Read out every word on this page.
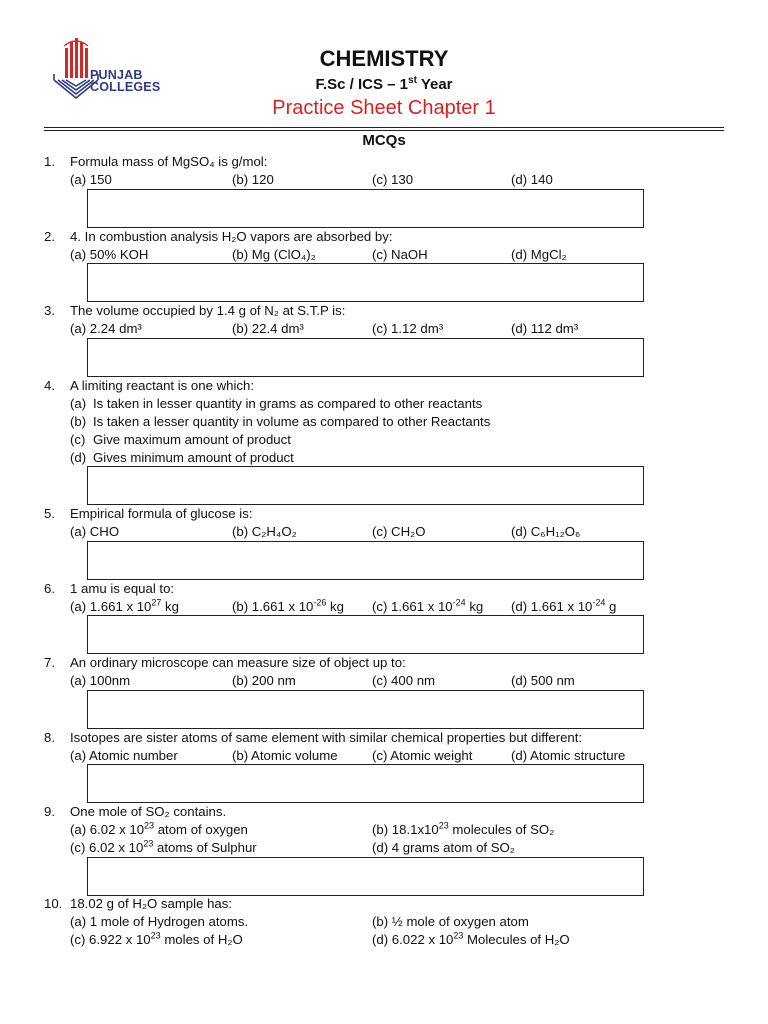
PUNJAB
COLLEGES
CHEMISTRY
F.Sc / ICS – 1st Year
Practice Sheet Chapter 1
MCQs
1. Formula mass of MgSO₄ is g/mol:
(a) 150	(b) 120	(c) 130	(d) 140
2. 4. In combustion analysis H₂O vapors are absorbed by:
(a) 50% KOH	(b) Mg (ClO₄)₂	(c) NaOH	(d) MgCl₂
3. The volume occupied by 1.4 g of N₂ at S.T.P is:
(a) 2.24 dm³	(b) 22.4 dm³	(c) 1.12 dm³	(d) 112 dm³
4. A limiting reactant is one which:
(a) Is taken in lesser quantity in grams as compared to other reactants
(b) Is taken a lesser quantity in volume as compared to other Reactants
(c) Give maximum amount of product
(d) Gives minimum amount of product
5. Empirical formula of glucose is:
(a) CHO	(b) C₂H₄O₂	(c) CH₂O	(d) C₆H₁₂O₆
6. 1 amu is equal to:
(a) 1.661 x $10^{27}$ kg	(b) 1.661 x $10^{-26}$ kg (c) 1.661 x $10^{-24}$ kg (d) 1.661 x $10^{-24}$ g
7. An ordinary microscope can measure size of object up to:
(a) 100nm	(b) 200 nm	(c) 400 nm	(d) 500 nm
8. Isotopes are sister atoms of same element with similar chemical properties but different:
(a) Atomic number	(b) Atomic volume	(c) Atomic weight	(d) Atomic structure
9. One mole of SO₂ contains.
(a) 6.02 x $10^{23}$ atom of oxygen	(b) $18.1x10^{23}$ molecules of SO₂
(c) 6.02 x $10^{23}$ atoms of Sulphur	(d) 4 grams atom of SO₂
10. 18.02 g of H₂O sample has:
(a) 1 mole of Hydrogen atoms.	(b) ½ mole of oxygen atom
(c) 6.922 x $10^{23}$ moles of H₂O	(d) 6.022 x $10^{23}$ Molecules of H₂O
